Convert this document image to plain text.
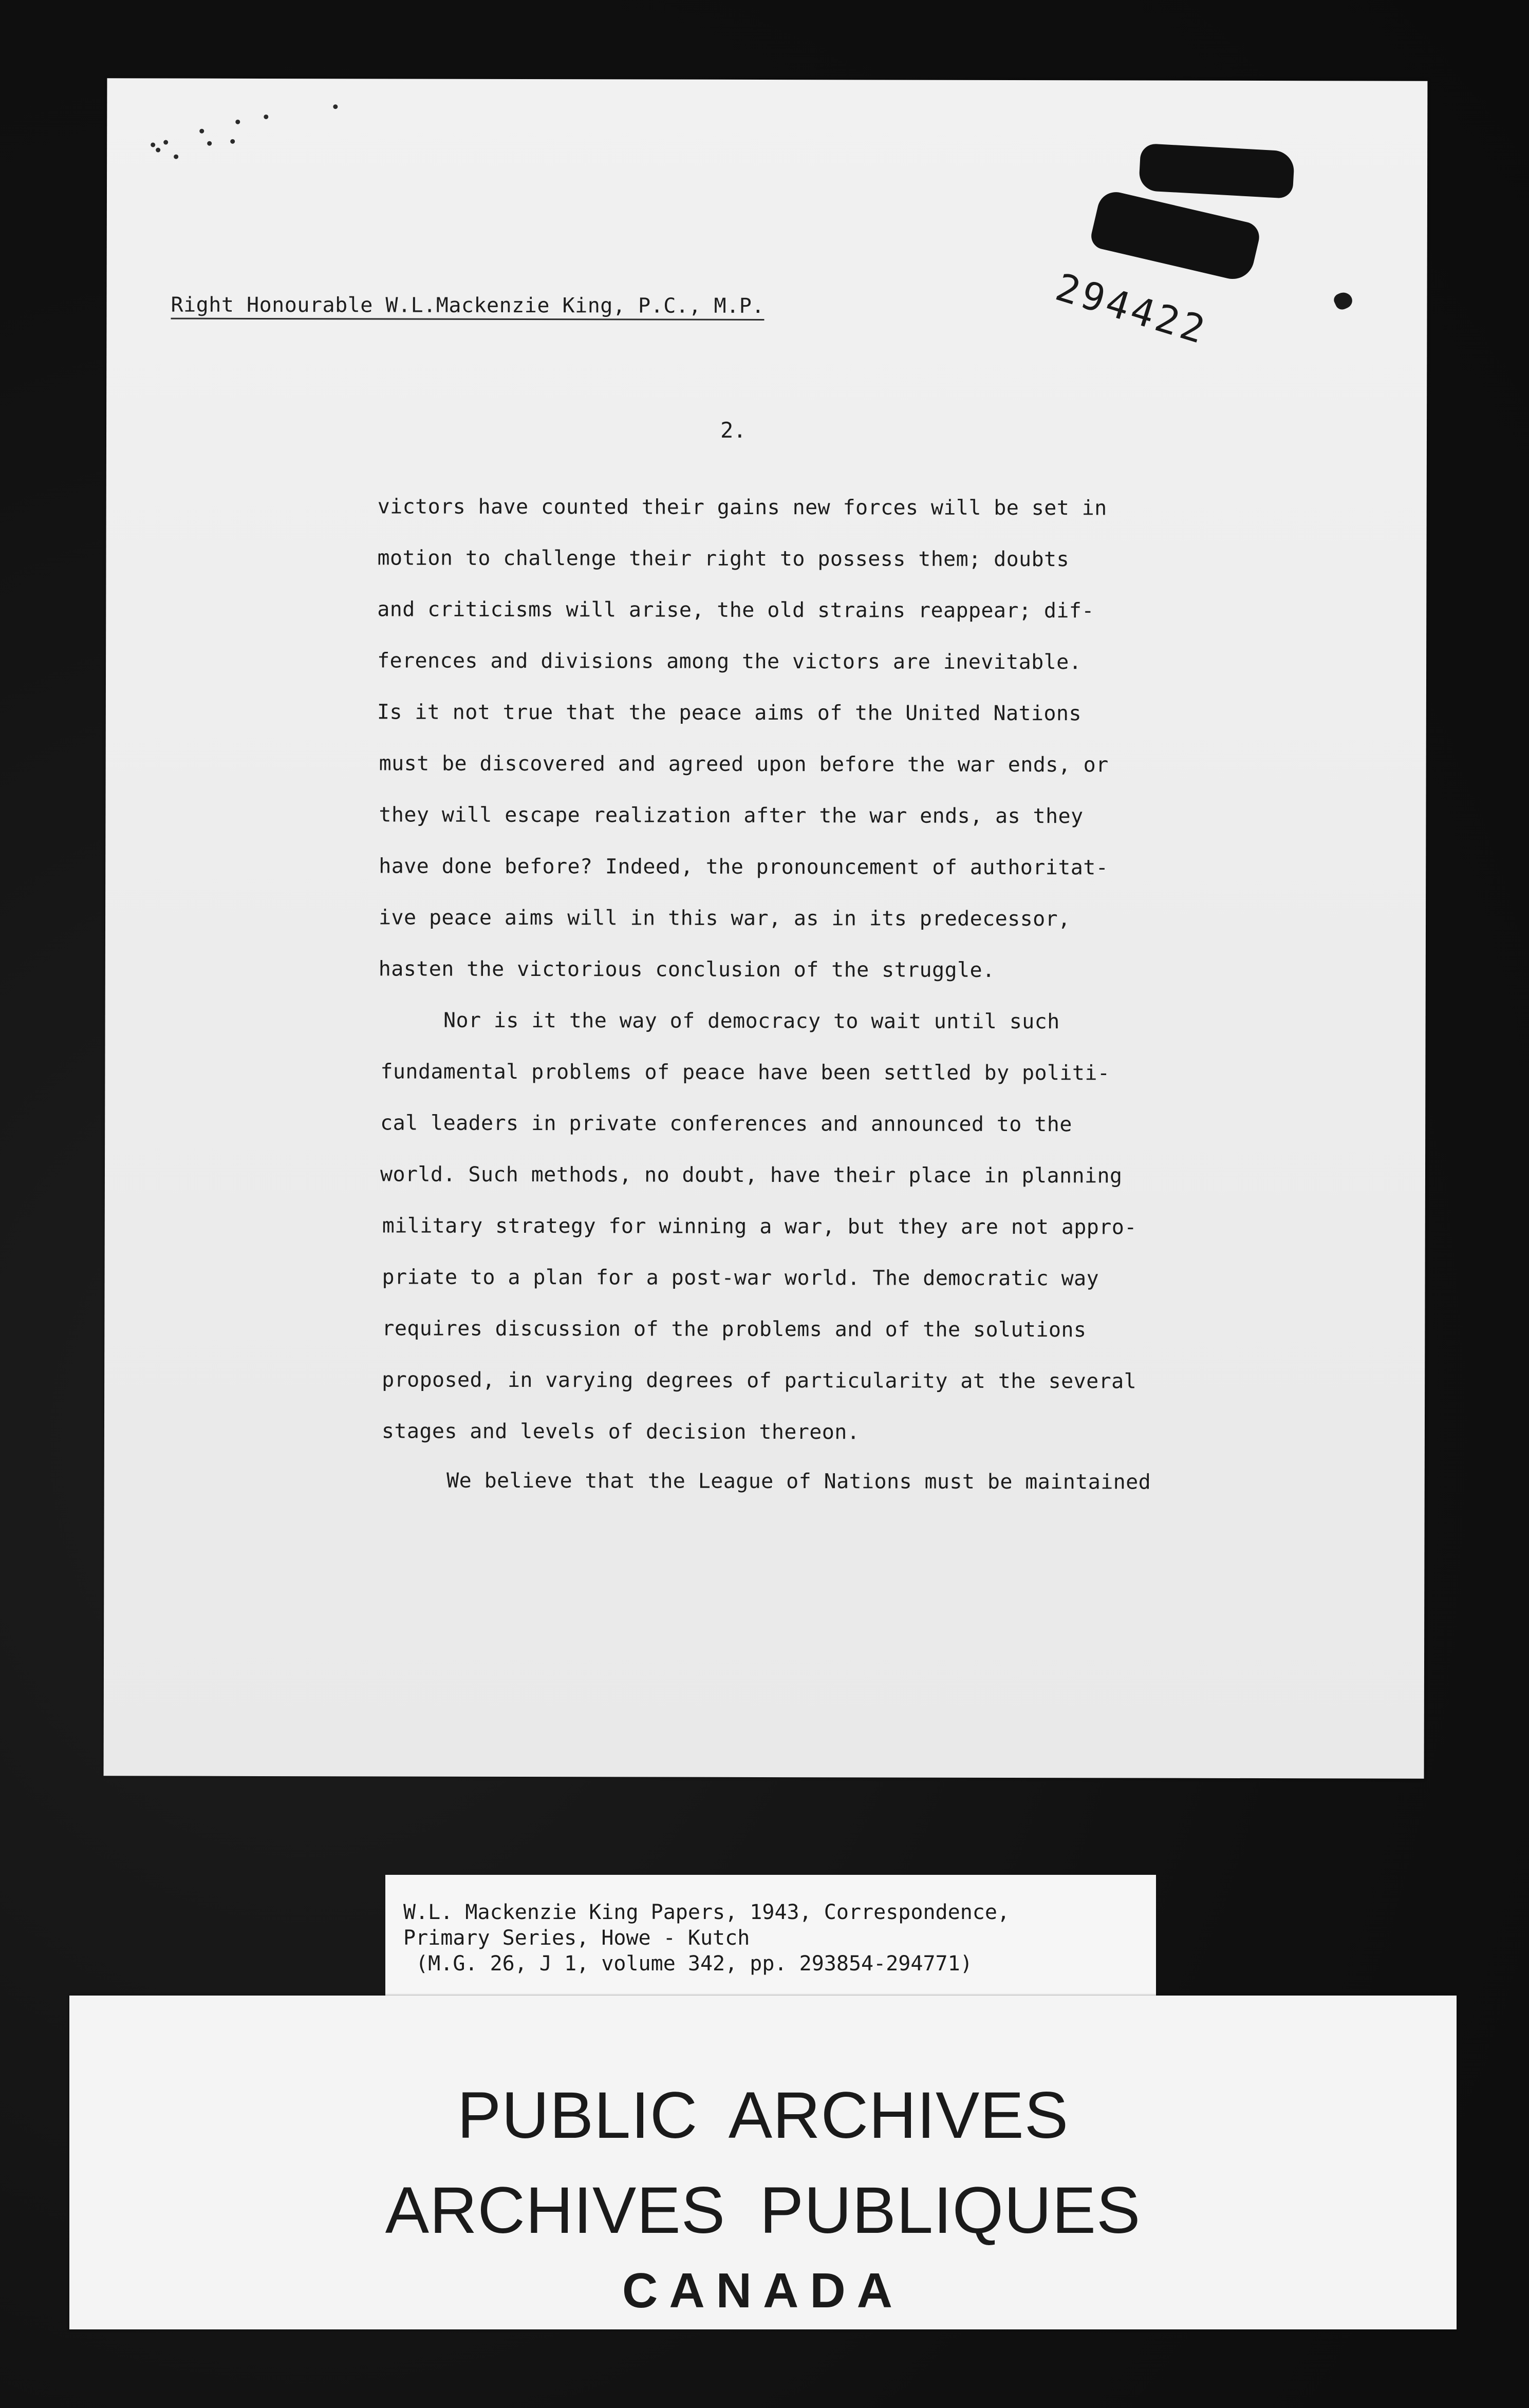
294422
Right Honourable W.L.Mackenzie King, P.C., M.P.
2.
victors have counted their gains new forces will be set in
motion to challenge their right to possess them; doubts
and criticisms will arise, the old strains reappear; dif-
ferences and divisions among the victors are inevitable.
Is it not true that the peace aims of the United Nations
must be discovered and agreed upon before the war ends, or
they will escape realization after the war ends, as they
have done before? Indeed, the pronouncement of authoritat-
ive peace aims will in this war, as in its predecessor,
hasten the victorious conclusion of the struggle.
Nor is it the way of democracy to wait until such
fundamental problems of peace have been settled by politi-
cal leaders in private conferences and announced to the
world. Such methods, no doubt, have their place in planning
military strategy for winning a war, but they are not appro-
priate to a plan for a post-war world. The democratic way
requires discussion of the problems and of the solutions
proposed, in varying degrees of particularity at the several
stages and levels of decision thereon.
We believe that the League of Nations must be maintained
W.L. Mackenzie King Papers, 1943, Correspondence,
Primary Series, Howe - Kutch
(M.G. 26, J 1, volume 342, pp. 293854-294771)
PUBLIC ARCHIVES
ARCHIVES PUBLIQUES
CANADA
